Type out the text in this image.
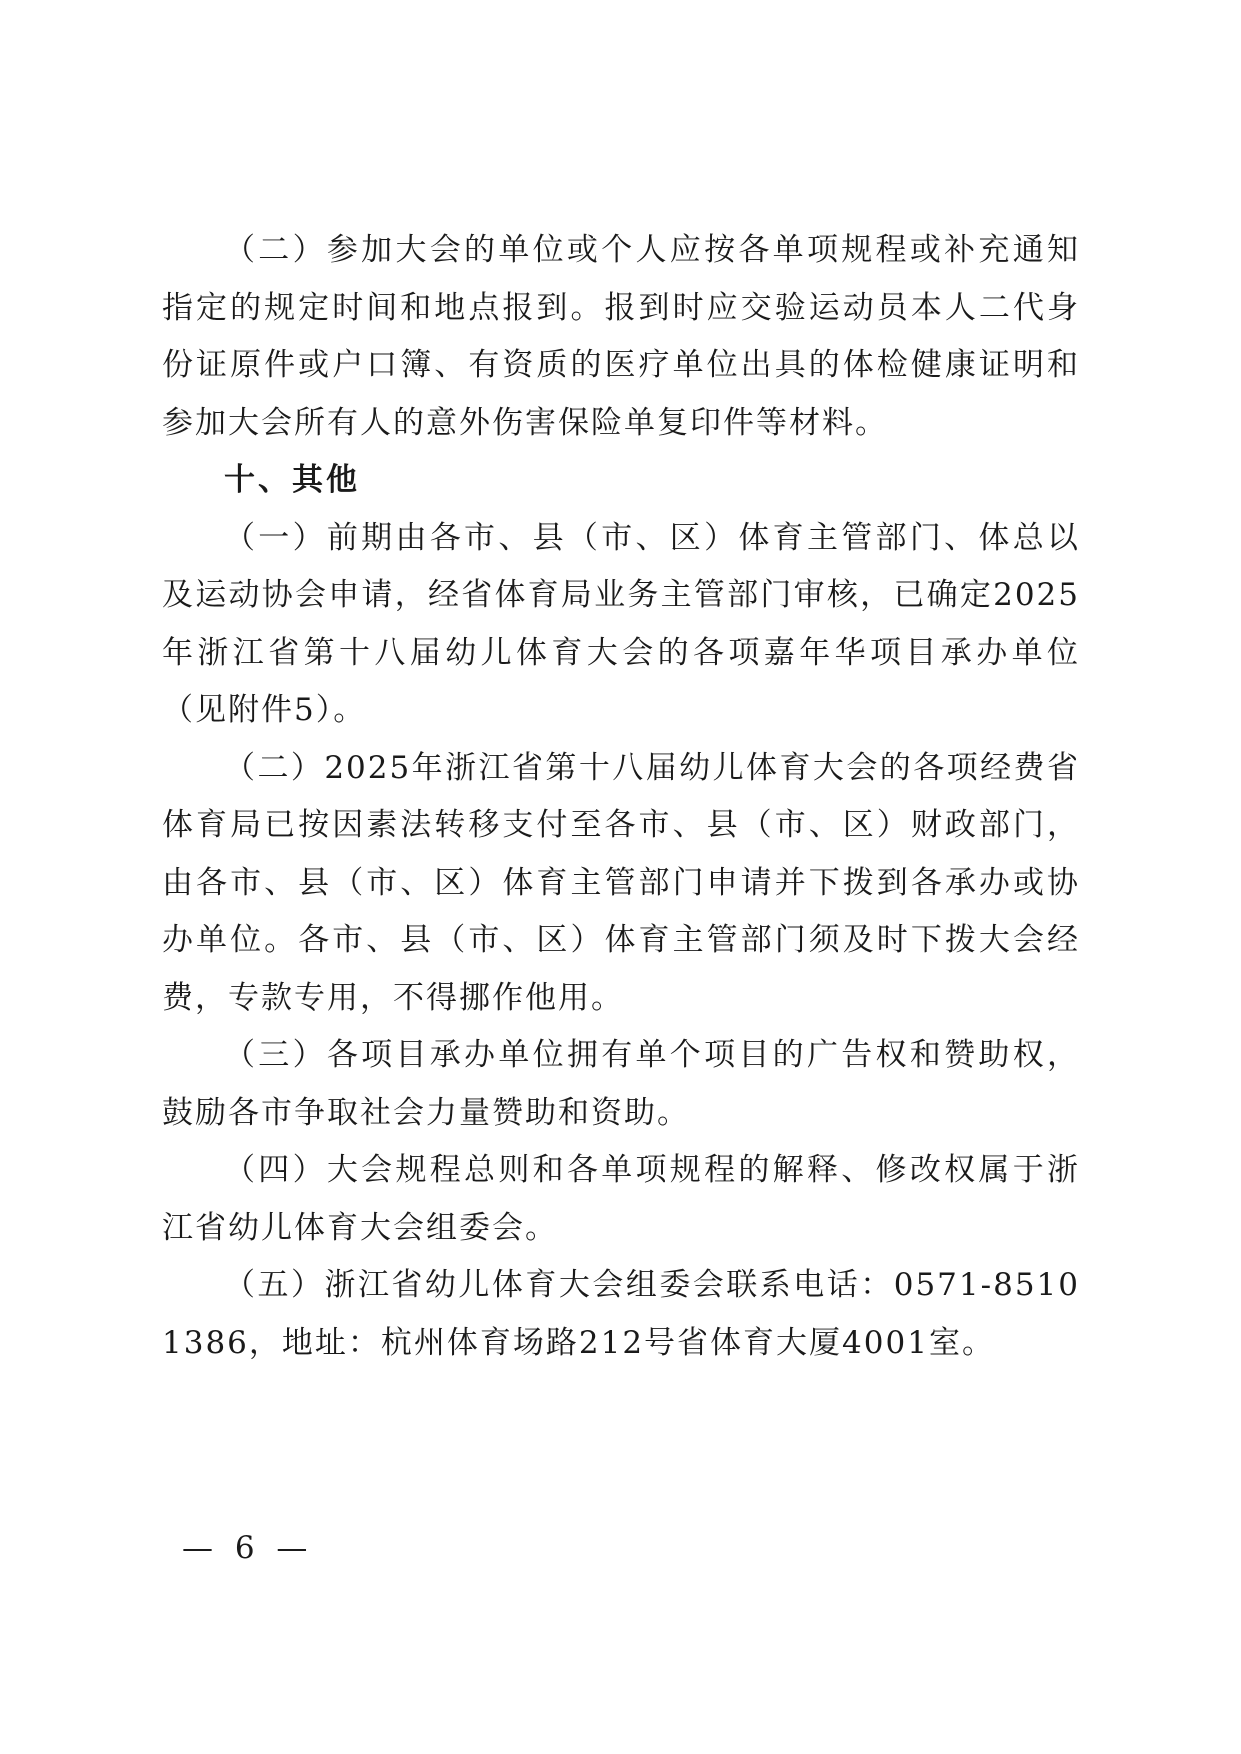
（二）参加大会的单位或个人应按各单项规程或补充通知指定的规定时间和地点报到。报到时应交验运动员本人二代身份证原件或户口簿、有资质的医疗单位出具的体检健康证明和参加大会所有人的意外伤害保险单复印件等材料。

十、其他

（一）前期由各市、县（市、区）体育主管部门、体总以及运动协会申请，经省体育局业务主管部门审核，已确定2025年浙江省第十八届幼儿体育大会的各项嘉年华项目承办单位（见附件5）。

（二）2025年浙江省第十八届幼儿体育大会的各项经费省体育局已按因素法转移支付至各市、县（市、区）财政部门，由各市、县（市、区）体育主管部门申请并下拨到各承办或协办单位。各市、县（市、区）体育主管部门须及时下拨大会经费，专款专用，不得挪作他用。

（三）各项目承办单位拥有单个项目的广告权和赞助权，鼓励各市争取社会力量赞助和资助。

（四）大会规程总则和各单项规程的解释、修改权属于浙江省幼儿体育大会组委会。

（五）浙江省幼儿体育大会组委会联系电话：0571-85101386，地址：杭州体育场路212号省体育大厦4001室。

— 6 —
